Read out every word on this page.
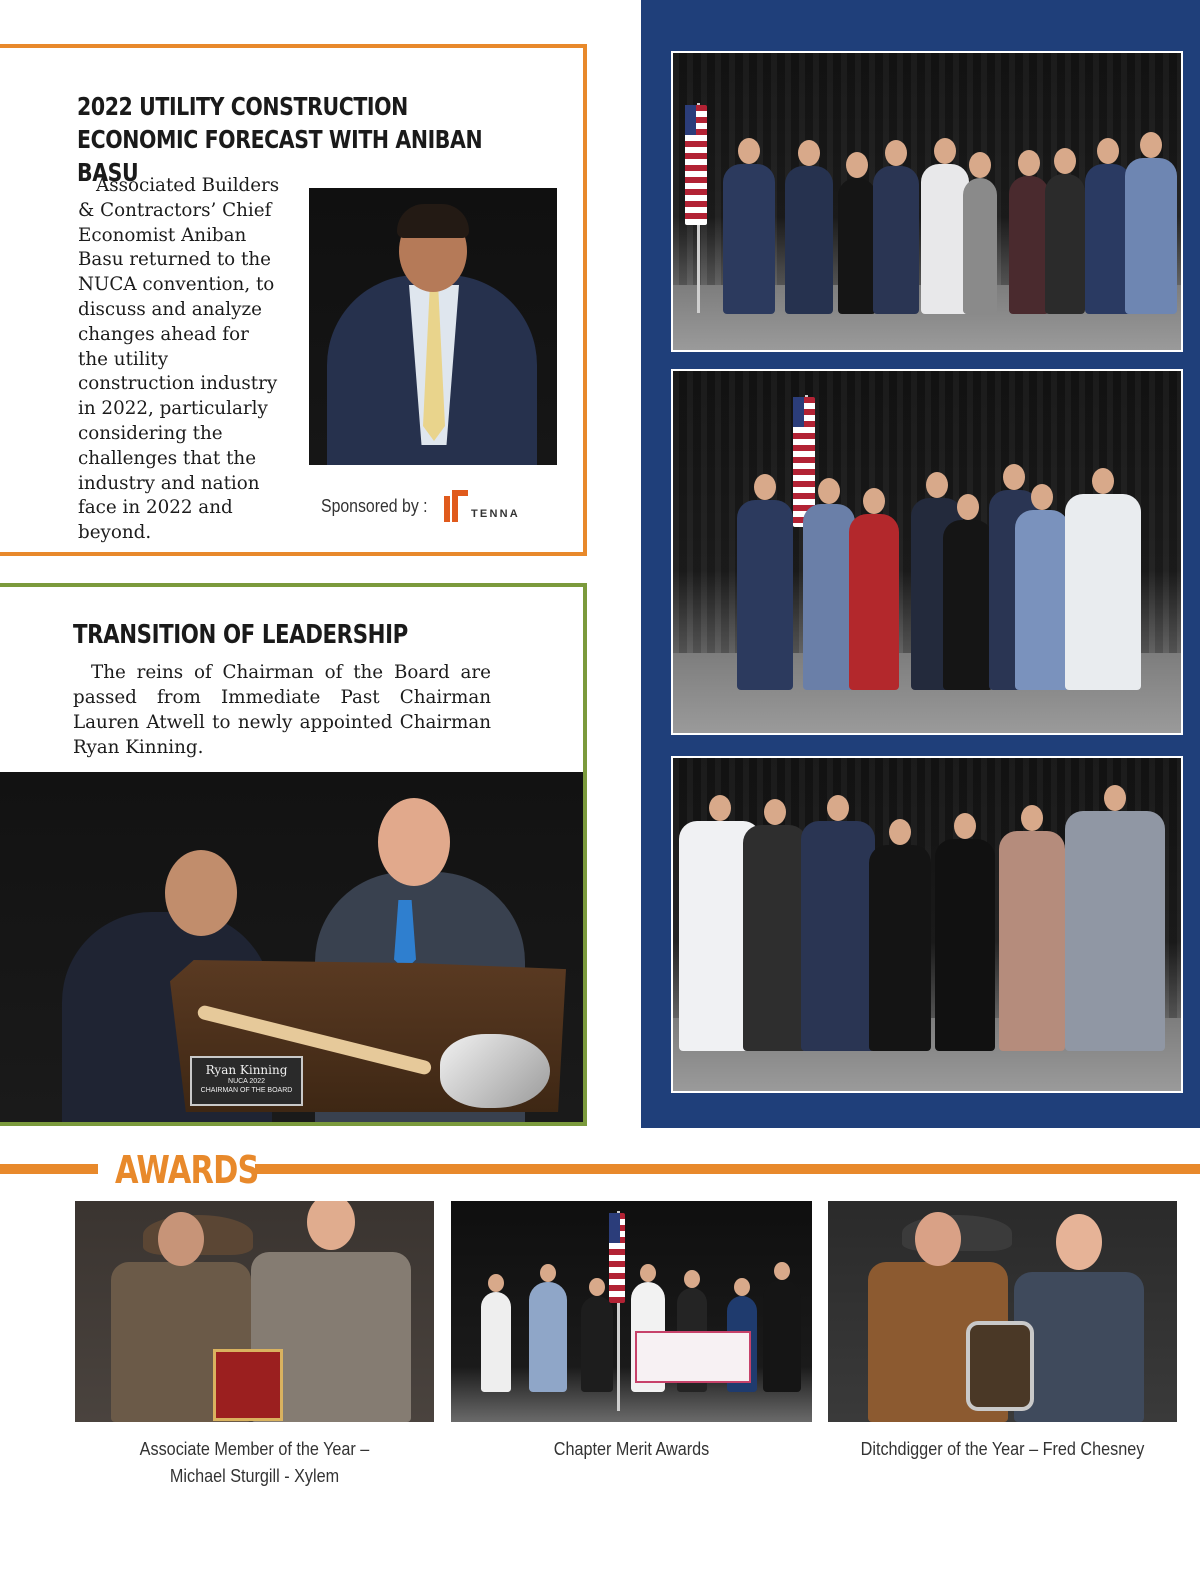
2022 UTILITY CONSTRUCTION ECONOMIC FORECAST WITH ANIBAN BASU

Associated Builders & Contractors’ Chief Economist Aniban Basu returned to the NUCA convention, to discuss and analyze changes ahead for the utility construction industry in 2022, particularly considering the challenges that the industry and nation face in 2022 and beyond.

Sponsored by :	TENNA
TRANSITION OF LEADERSHIP

The reins of Chairman of the Board are passed from Immediate Past Chairman Lauren Atwell to newly appointed Chairman Ryan Kinning.

Ryan Kinning
NUCA 2022
CHAIRMAN OF THE BOARD
AWARDS
Associate Member of the Year –
Michael Sturgill - Xylem
Chapter Merit Awards	Ditchdigger of the Year – Fred Chesney
